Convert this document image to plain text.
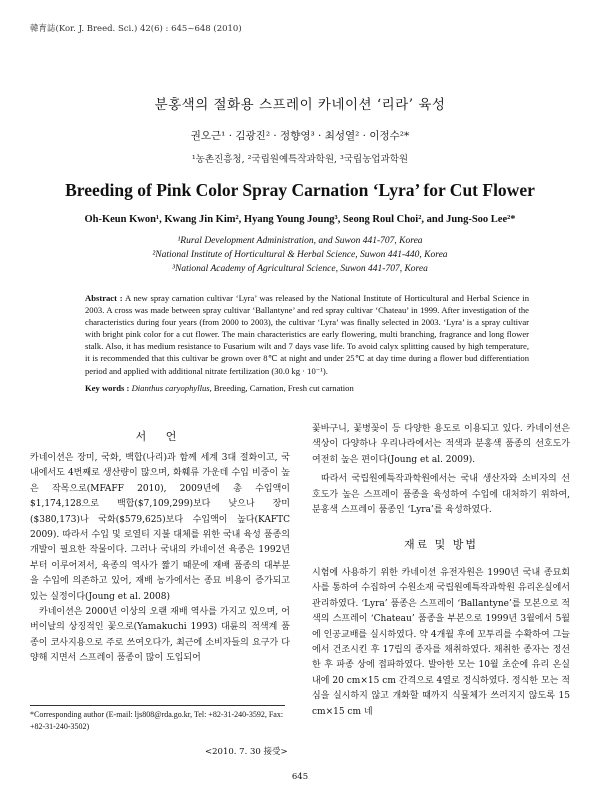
韓育誌(Kor. J. Breed. Sci.) 42(6) : 645~648 (2010)
분홍색의 절화용 스프레이 카네이션 ‘리라’ 육성
권오근¹ · 김광진² · 정향영³ · 최성열² · 이정수²*
¹농촌진흥청, ²국립원예특작과학원, ³국립농업과학원
Breeding of Pink Color Spray Carnation ‘Lyra’ for Cut Flower
Oh-Keun Kwon¹, Kwang Jin Kim², Hyang Young Joung³, Seong Roul Choi², and Jung-Soo Lee²*
¹Rural Development Administration, and Suwon 441-707, Korea
²National Institute of Horticultural & Herbal Science, Suwon 441-440, Korea
³National Academy of Agricultural Science, Suwon 441-707, Korea
Abstract : A new spray carnation cultivar ‘Lyra’ was released by the National Institute of Horticultural and Herbal Science in 2003. A cross was made between spray cultivar ‘Ballantyne’ and red spray cultivar ‘Chateau’ in 1999. After investigation of the characteristics during four years (from 2000 to 2003), the cultivar ‘Lyra’ was finally selected in 2003. ‘Lyra’ is a spray cultivar with bright pink color for a cut flower. The main characteristics are early flowering, multi branching, fragrance and long flower stalk. Also, it has medium resistance to Fusarium wilt and 7 days vase life. To avoid calyx splitting caused by high temperature, it is recommended that this cultivar be grown over 8℃ at night and under 25℃ at day time during a flower bud differentiation period and applied with additional nitrate fertilization (30.0 kg · 10⁻¹).
Key words : Dianthus caryophyllus, Breeding, Carnation, Fresh cut carnation
서 언

카네이션은 장미, 국화, 백합(나리)과 함께 세계 3대 절화이고, 국내에서도 4번째로 생산량이 많으며, 화훼류 가운데 수입 비중이 높은 작목으로(MFAFF 2010), 2009년에 총 수입액이 $1,174,128으로 백합($7,109,299)보다 낮으나 장미($380,173)나 국화($579,625)보다 수입액이 높다(KAFTC 2009). 따라서 수입 및 로열티 지불 대체를 위한 국내 육성 품종의 개발이 필요한 작물이다. 그러나 국내의 카네이션 육종은 1992년부터 이루어져서, 육종의 역사가 짧기 때문에 재배 품종의 대부분을 수입에 의존하고 있어, 재배 농가에서는 종묘 비용이 증가되고 있는 실정이다(Joung et al. 2008)

카네이션은 2000년 이상의 오랜 재배 역사를 가지고 있으며, 어버이날의 상징적인 꽃으로(Yamakuchi 1993) 대륜의 적색계 품종이 코사지용으로 주로 쓰여오다가, 최근에 소비자들의 요구가 다양해 지면서 스프레이 품종이 많이 도입되어

*Corresponding author (E-mail: ljs808@rda.go.kr, Tel: +82-31-240-3592, Fax: +82-31-240-3502)
<2010. 7. 30 接受>

꽃바구니, 꽃병꽂이 등 다양한 용도로 이용되고 있다. 카네이션은 색상이 다양하나 우리나라에서는 적색과 분홍색 품종의 선호도가 여전히 높은 편이다(Joung et al. 2009).

따라서 국립원예특작과학원에서는 국내 생산자와 소비자의 선호도가 높은 스프레이 품종을 육성하여 수입에 대처하기 위하여, 분홍색 스프레이 품종인 ‘Lyra’를 육성하였다.

재료 및 방법

시험에 사용하기 위한 카네이션 유전자원은 1990년 국내 종묘회사를 통하여 수집하여 수원소재 국립원예특작과학원 유리온실에서 관리하였다. ‘Lyra’ 품종은 스프레이 ‘Ballantyne’를 모본으로 적색의 스프레이 ‘Chateau’ 품종을 부본으로 1999년 3월에서 5월에 인공교배를 실시하였다. 약 4개월 후에 꼬투리를 수확하여 그늘에서 건조시킨 후 17립의 종자를 채취하였다. 채취한 종자는 정선한 후 파종 상에 접파하였다. 발아한 모는 10월 초순에 유리 온실내에 20 cm×15 cm 간격으로 4열로 정식하였다. 정식한 모는 적심을 실시하지 않고 개화할 때까지 식물체가 쓰러지지 않도록 15 cm×15 cm 네

645
